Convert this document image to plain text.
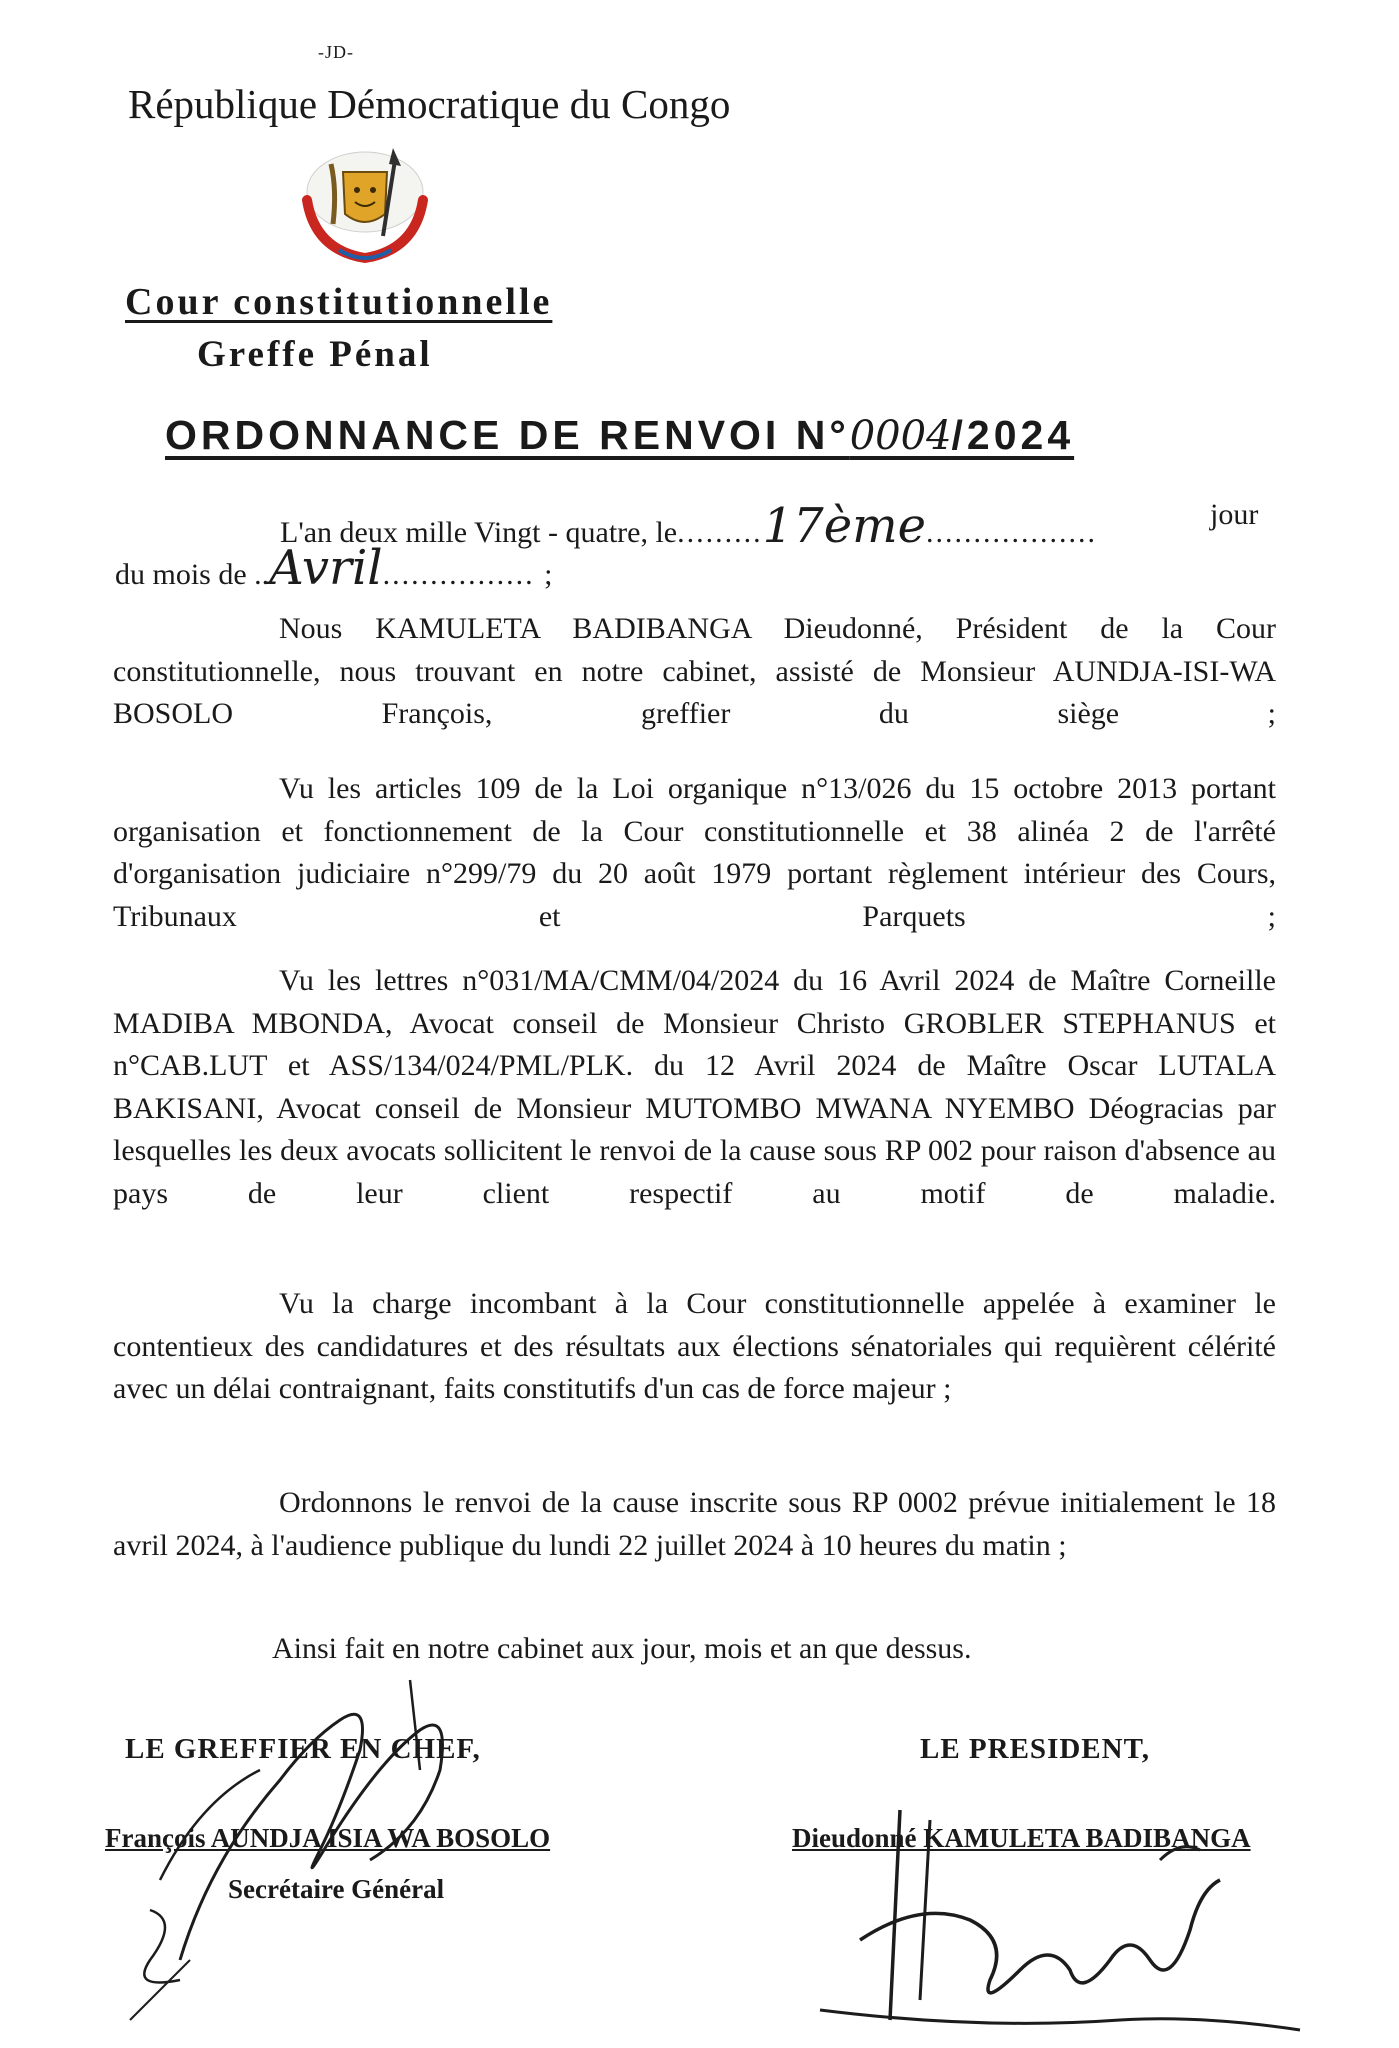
-JD-
République Démocratique du Congo
Cour constitutionnelle
Greffe Pénal
ORDONNANCE DE RENVOI N°0004/2024
L'an deux mille Vingt - quatre, le.........17ème..................
jour
du mois de ..Avril................ ;
Nous KAMULETA BADIBANGA Dieudonné, Président de la Cour constitutionnelle, nous trouvant en notre cabinet, assisté de Monsieur AUNDJA-ISI-WA BOSOLO François, greffier du siège ;
Vu les articles 109 de la Loi organique n°13/026 du 15 octobre 2013 portant organisation et fonctionnement de la Cour constitutionnelle et 38 alinéa 2 de l'arrêté d'organisation judiciaire n°299/79 du 20 août 1979 portant règlement intérieur des Cours, Tribunaux et Parquets ;
Vu les lettres n°031/MA/CMM/04/2024 du 16 Avril 2024 de Maître Corneille MADIBA MBONDA, Avocat conseil de Monsieur Christo GROBLER STEPHANUS et n°CAB.LUT et ASS/134/024/PML/PLK. du 12 Avril 2024 de Maître Oscar LUTALA BAKISANI, Avocat conseil de Monsieur MUTOMBO MWANA NYEMBO Déogracias par lesquelles les deux avocats sollicitent le renvoi de la cause sous RP 002 pour raison d'absence au pays de leur client respectif au motif de maladie.
Vu la charge incombant à la Cour constitutionnelle appelée à examiner le contentieux des candidatures et des résultats aux élections sénatoriales qui requièrent célérité avec un délai contraignant, faits constitutifs d'un cas de force majeur ;
Ordonnons le renvoi de la cause inscrite sous RP 0002 prévue initialement le 18 avril 2024, à l'audience publique du lundi 22 juillet 2024 à 10 heures du matin ;
Ainsi fait en notre cabinet aux jour, mois et an que dessus.
LE GREFFIER EN CHEF,
François AUNDJA ISIA WA BOSOLO
Secrétaire Général
LE PRESIDENT,
Dieudonné KAMULETA BADIBANGA
